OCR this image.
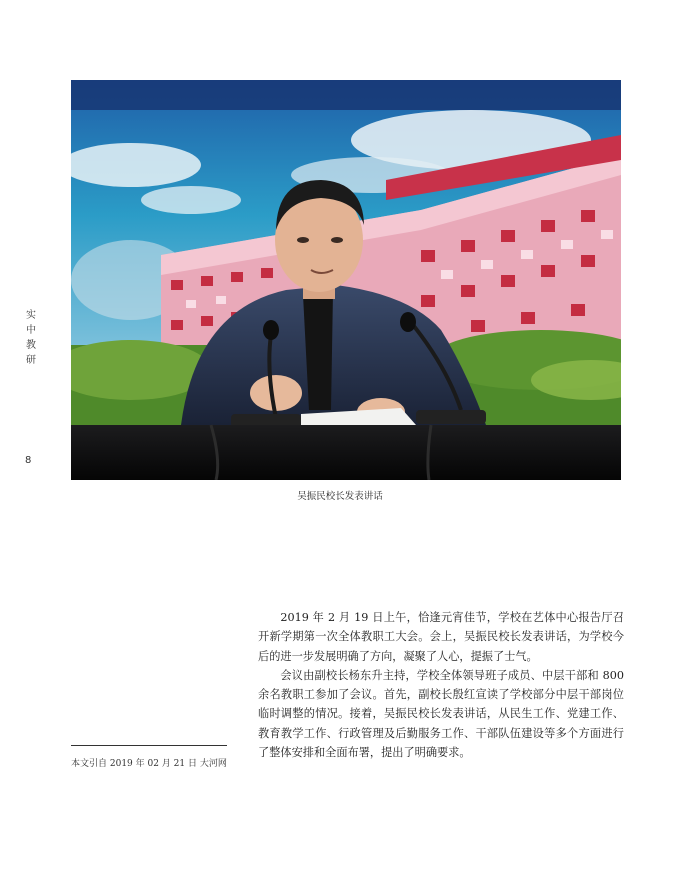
实
中
教
研
8
吴振民校长发表讲话

2019 年 2 月 19 日上午，恰逢元宵佳节，学校在艺体中心报告厅召开新学期第一次全体教职工大会。会上，吴振民校长发表讲话，为学校今后的进一步发展明确了方向，凝聚了人心，提振了士气。

会议由副校长杨东升主持，学校全体领导班子成员、中层干部和 800 余名教职工参加了会议。首先，副校长殷红宣读了学校部分中层干部岗位临时调整的情况。接着，吴振民校长发表讲话，从民生工作、党建工作、教育教学工作、行政管理及后勤服务工作、干部队伍建设等多个方面进行了整体安排和全面布署，提出了明确要求。

本文引自 2019 年 02 月 21 日 大河网
